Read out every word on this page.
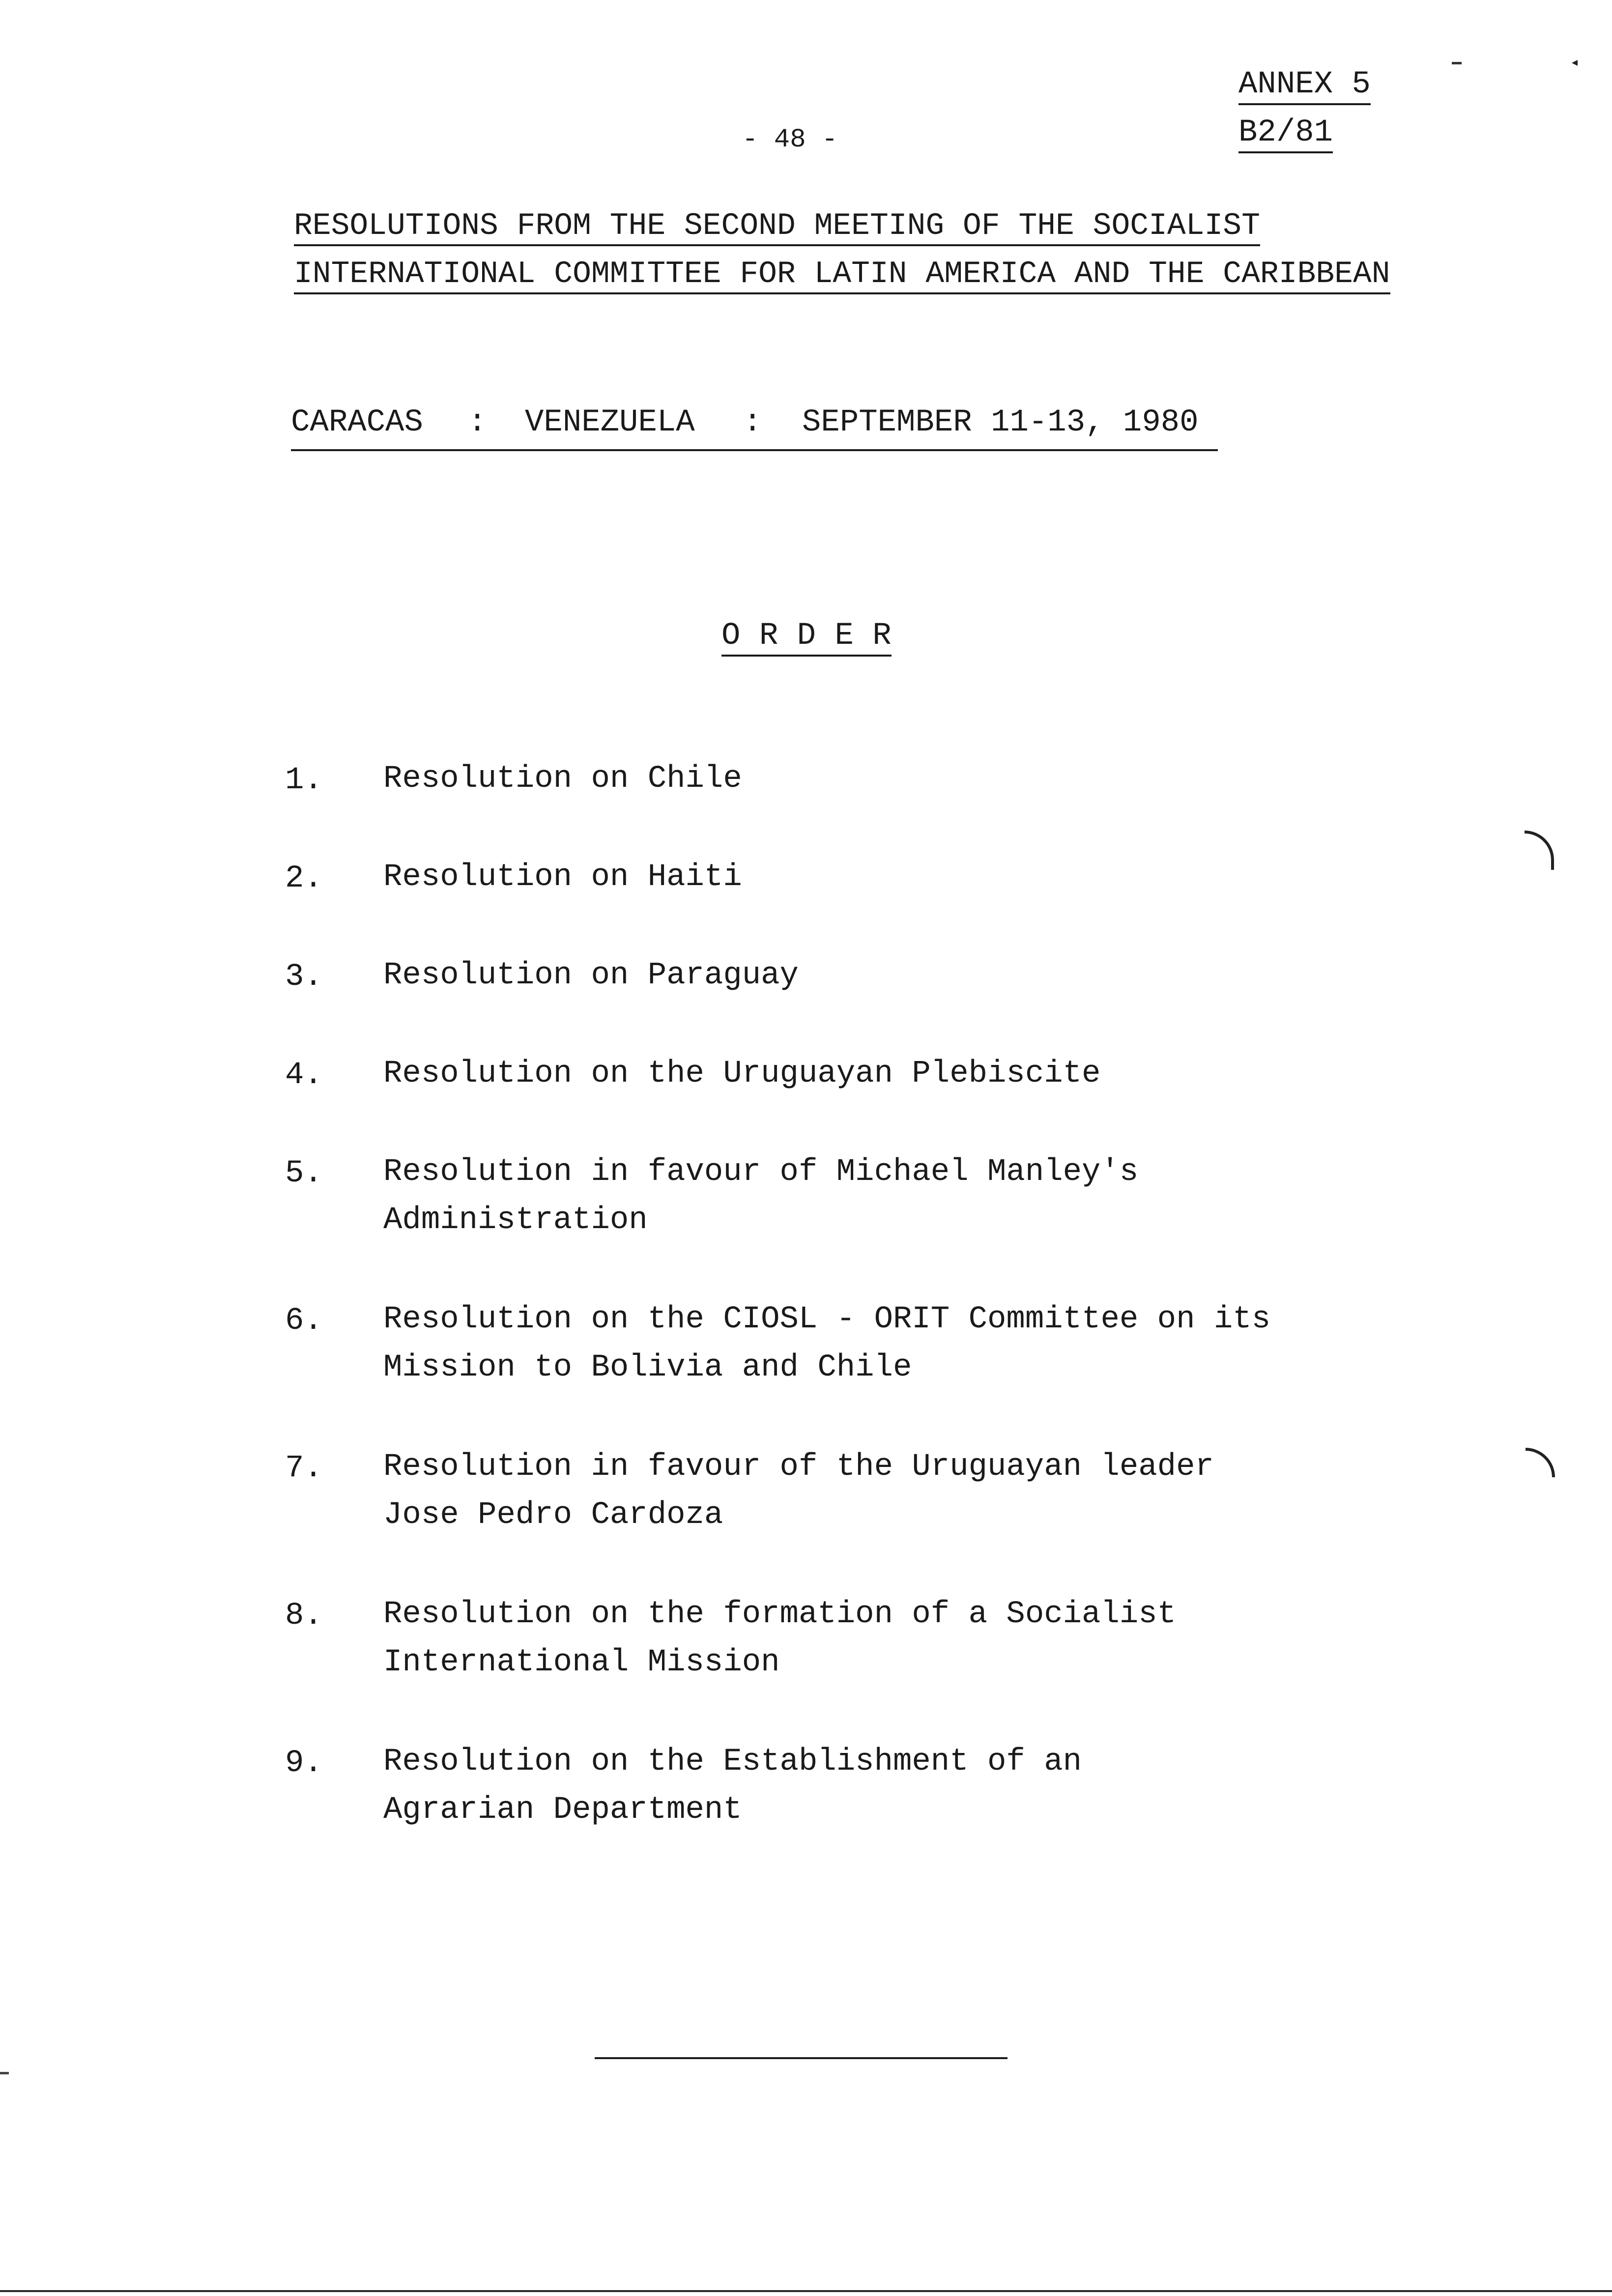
ANNEX 5
B2/81
- 48 -
RESOLUTIONS FROM THE SECOND MEETING OF THE SOCIALIST
INTERNATIONAL COMMITTEE FOR LATIN AMERICA AND THE CARIBBEAN
CARACAS : VENEZUELA : SEPTEMBER 11-13, 1980
O R D E R
1. Resolution on Chile
2. Resolution on Haiti
3. Resolution on Paraguay
4. Resolution on the Uruguayan Plebiscite
5. Resolution in favour of Michael Manley's
Administration
6. Resolution on the CIOSL - ORIT Committee on its
Mission to Bolivia and Chile
7. Resolution in favour of the Uruguayan leader
Jose Pedro Cardoza
8. Resolution on the formation of a Socialist
International Mission
9. Resolution on the Establishment of an
Agrarian Department
